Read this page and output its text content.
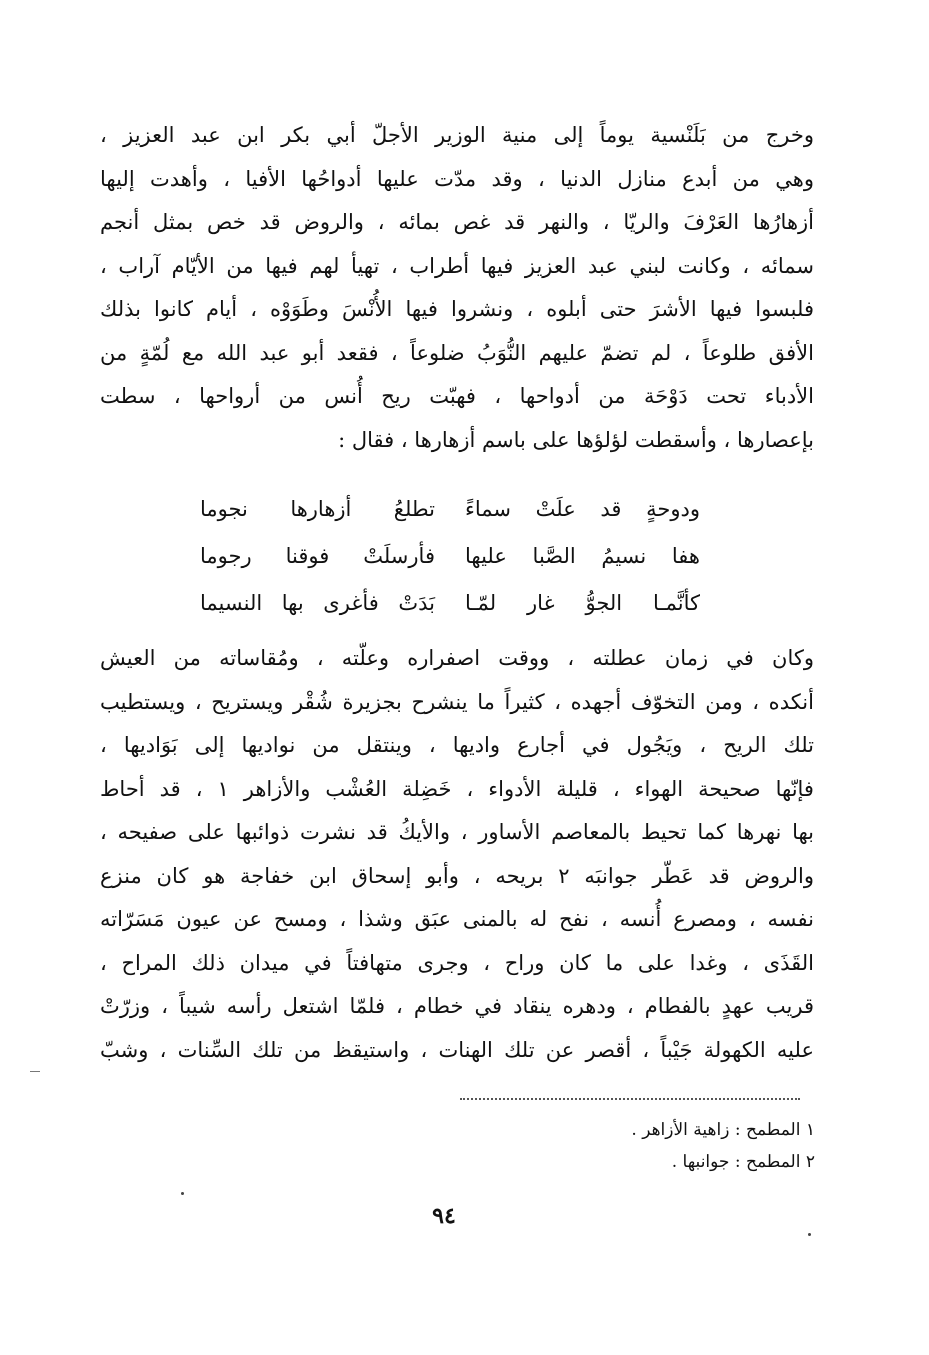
وخرج من بَلَنْسية يوماً إلى منية الوزير الأجلّ أبي بكر ابن عبد العزيز ،
وهي من أبدع منازل الدنيا ، وقد مدّت عليها أدواحُها الأفيا ، وأهدت إليها
أزهارُها العَرْفَ والريّا ، والنهر قد غص بمائه ، والروض قد خص بمثل أنجم
سمائه ، وكانت لبني عبد العزيز فيها أطراب ، تهيأ لهم فيها من الأيّام آراب ،
فلبسوا فيها الأشرَ حتى أبلوه ، ونشروا فيها الأُنْسَ وطَوَوْه ، أيام كانوا بذلك
الأفق طلوعاً ، لم تضمّ عليهم النُّوَبُ ضلوعاً ، فقعد أبو عبد الله مع لُمّةٍ من
الأدباء تحت دَوْحَة من أدواحها ، فهبّت ريح أُنس من أرواحها ، سطت
بإعصارها ، وأسقطت لؤلؤها على باسم أزهارها ، فقال :
ودوحةٍ قد علَتْ سماءً
تطلعُ أزهارها نجوما
هفا نسيمُ الصَّبا عليها
فأرسلَتْ فوقنا رجوما
كأنَّمـا الجوُّ غار لمّـا
بَدَتْ فأغرى بها النسيما
وكان في زمان عطلته ، ووقت اصفراره وعلّته ، ومُقاساته من العيش
أنكده ، ومن التخوّف أجهده ، كثيراً ما ينشرح بجزيرة شُقْر ويستريح ، ويستطيب
تلك الريح ، ويَجُول في أجارع واديها ، وينتقل من نواديها إلى بَوَاديها ،
فإنّها صحيحة الهواء ، قليلة الأدواء ، خَضِلة العُشْب والأزاهر ١ ، قد أحاط
بها نهرها كما تحيط بالمعاصم الأساور ، والأيكُ قد نشرت ذوائبها على صفيحه ،
والروض قد عَطّر جوانبَه ٢ بريحه ، وأبو إسحاق ابن خفاجة هو كان منزع
نفسه ، ومصرع أُنسه ، نفح له بالمنى عبَق وشذا ، ومسح عن عيون مَسَرّاته
القَذَى ، وغدا على ما كان وراح ، وجرى متهافتاً في ميدان ذلك المراح ،
قريب عهدٍ بالفطام ، ودهره ينقاد في خطام ، فلمّا اشتعل رأسه شيباً ، وزرّتْ
عليه الكهولة جَيْباً ، أقصر عن تلك الهنات ، واستيقظ من تلك السِّنات ، وشبّ
١ المطمح : زاهية الأزاهر .
٢ المطمح : جوانبها .
٩٤
